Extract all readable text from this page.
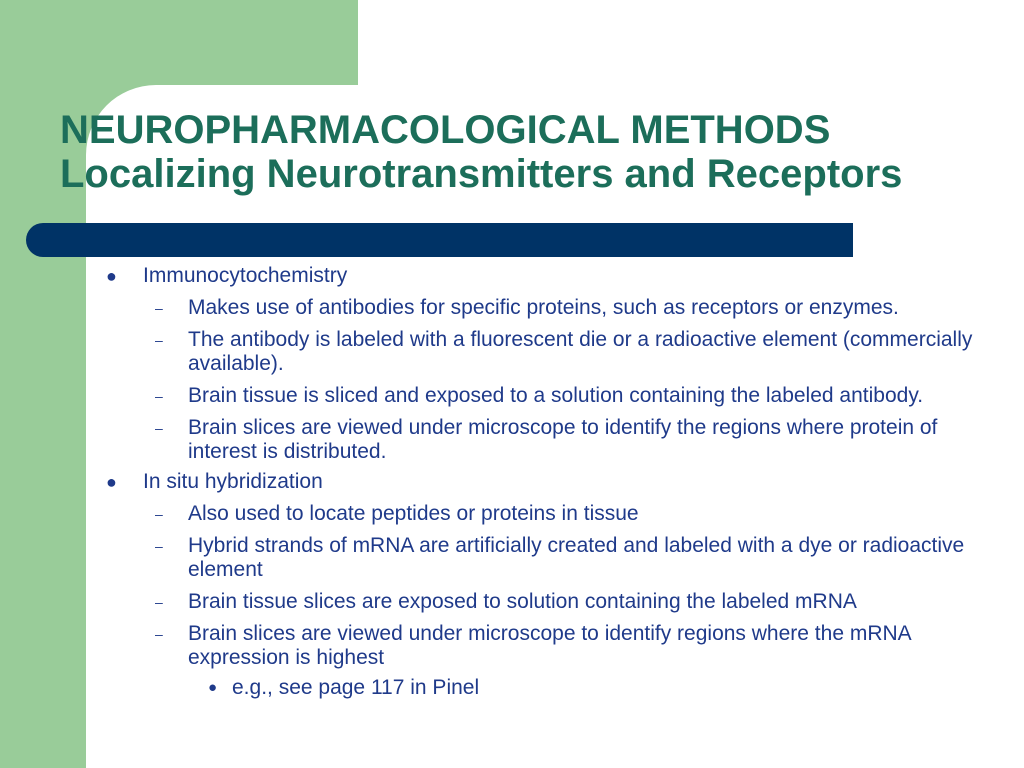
NEUROPHARMACOLOGICAL METHODS
Localizing Neurotransmitters and Receptors
● Immunocytochemistry
– Makes use of antibodies for specific proteins, such as receptors or enzymes.
– The antibody is labeled with a fluorescent die or a radioactive element (commercially available).
– Brain tissue is sliced and exposed to a solution containing the labeled antibody.
– Brain slices are viewed under microscope to identify the regions where protein of interest is distributed.
● In situ hybridization
– Also used to locate peptides or proteins in tissue
– Hybrid strands of mRNA are artificially created and labeled with a dye or radioactive element
– Brain tissue slices are exposed to solution containing the labeled mRNA
– Brain slices are viewed under microscope to identify regions where the mRNA expression is highest
● e.g., see page 117 in Pinel
